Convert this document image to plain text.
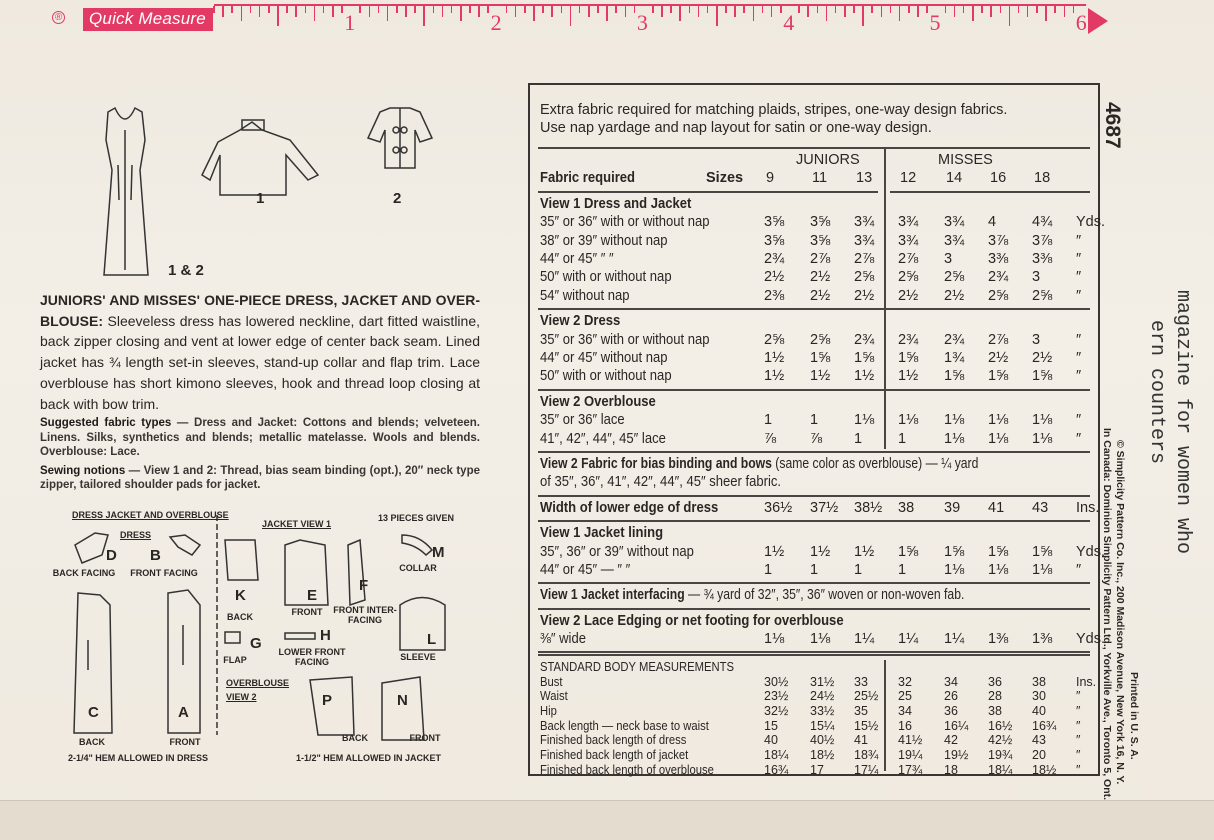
®	Quick Measure
1 & 2
1	2
JUNIORS' AND MISSES' ONE-PIECE DRESS, JACKET AND OVER-BLOUSE: Sleeveless dress has lowered neckline, dart fitted waistline, back zipper closing and vent at lower edge of center back seam. Lined jacket has ¾ length set-in sleeves, stand-up collar and flap trim. Lace overblouse has short kimono sleeves, hook and thread loop closing at back with bow trim.
Suggested fabric types — Dress and Jacket: Cottons and blends; velveteen. Linens. Silks, synthetics and blends; metallic matelasse. Wools and blends. Overblouse: Lace.
Sewing notions — View 1 and 2: Thread, bias seam binding (opt.), 20″ neck type zipper, tailored shoulder pads for jacket.
DRESS JACKET AND OVERBLOUSE
DRESS
JACKET VIEW 1
13 PIECES GIVEN
OVERBLOUSE
VIEW 2
2-1/4" HEM ALLOWED IN DRESS	1-1/2" HEM ALLOWED IN JACKET
Extra fabric required for matching plaids, stripes, one-way design fabrics.
Use nap yardage and nap layout for satin or one-way design.
JUNIORS	MISSES
Fabric required	Sizes 9	11	13	12	14	16	18
View 1 Dress and Jacket
35″ or 36″ with or without nap	3⅝	3⅝	3¾	3¾	3¾	4	4¾	Yds.
38″ or 39″ without nap	3⅝	3⅝	3¾	3¾	3¾	3⅞	3⅞	″
44″ or 45″ ″ ″	2¾	2⅞	2⅞	2⅞	3	3⅜	3⅜	″
50″ with or without nap	2½	2½	2⅝	2⅝	2⅝	2¾	3	″
54″ without nap	2⅜	2½	2½	2½	2½	2⅝	2⅝	″
View 2 Dress
35″ or 36″ with or without nap	2⅝	2⅝	2¾	2¾	2¾	2⅞	3	″
44″ or 45″ without nap	1½	1⅝	1⅝	1⅝	1¾	2½	2½	″
50″ with or without nap	1½	1½	1½	1½	1⅝	1⅝	1⅝	″
View 2 Overblouse
35″ or 36″ lace	1	1	1⅛	1⅛	1⅛	1⅛	1⅛	″
41″, 42″, 44″, 45″ lace	⅞	⅞	1	1	1⅛	1⅛	1⅛	″
View 2 Fabric for bias binding and bows (same color as overblouse) — ¼ yard
of 35″, 36″, 41″, 42″, 44″, 45″ sheer fabric.
Width of lower edge of dress	36½	37½	38½	38	39	41	43	Ins.
View 1 Jacket lining
35″, 36″ or 39″ without nap	1½	1½	1½	1⅝	1⅝	1⅝	1⅝	Yds.
44″ or 45″ — ″ ″	1	1	1	1	1⅛	1⅛	1⅛	″
View 1 Jacket interfacing — ¾ yard of 32″, 35″, 36″ woven or non-woven fab.
View 2 Lace Edging or net footing for overblouse
⅜″ wide	1⅛	1⅛	1¼	1¼	1¼	1⅜	1⅜	Yds.
STANDARD BODY MEASUREMENTS
Bust	30½	31½	33	32	34	36	38	Ins.
Waist	23½	24½	25½	25	26	28	30	″
Hip	32½	33½	35	34	36	38	40	″
Back length — neck base to waist	15	15¼	15½	16	16¼	16½	16¾	″
Finished back length of dress	40	40½	41	41½	42	42½	43	″
Finished back length of jacket	18¼	18½	18¾	19¼	19½	19¾	20	″
Finished back length of overblouse	16¾	17	17¼	17¾	18	18¼	18½	″
4687
magazine for women who
ern counters
© Simplicity Pattern Co. Inc., 200 Madison Avenue, New York 16, N. Y.
In Canada: Dominion Simplicity Pattern Ltd., Yorkville Ave., Toronto 5, Ont. Printed in U. S. A.
1	2	3	4	5	6
D
BACK FACING
B
FRONT FACING
M
COLLAR
K
BACK
E
FRONT
F
FRONT INTER-FACING
G
FLAP
H
LOWER FRONT FACING
L
SLEEVE
C
BACK
A
FRONT
P
BACK
N
FRONT
